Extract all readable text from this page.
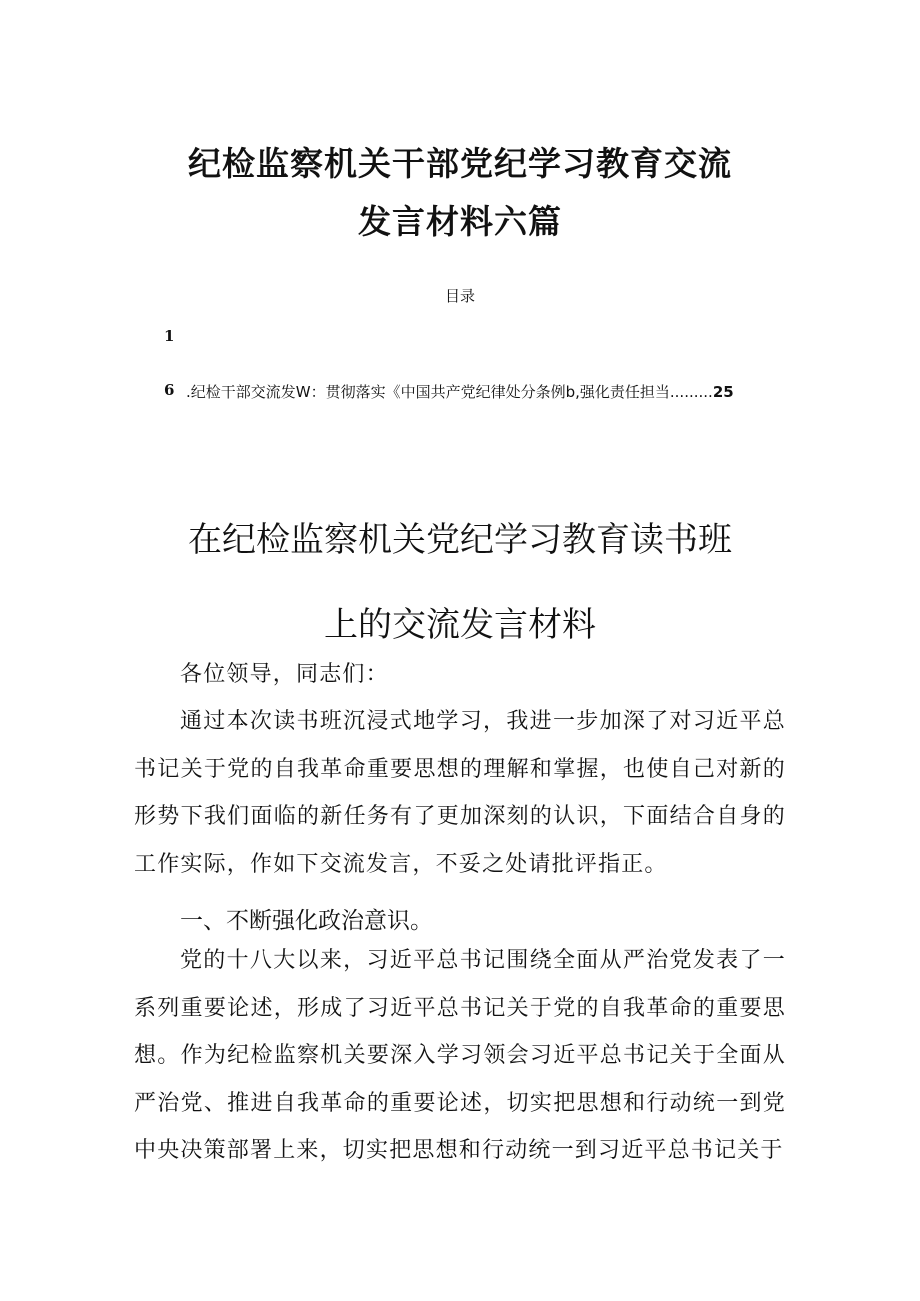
纪检监察机关干部党纪学习教育交流
发言材料六篇
目录
1
6 .纪检干部交流发W：贯彻落实《中国共产党纪律处分条例b,强化责任担当.........25
在纪检监察机关党纪学习教育读书班
上的交流发言材料

各位领导，同志们：

通过本次读书班沉浸式地学习，我进一步加深了对习近平总书记关于党的自我革命重要思想的理解和掌握，也使自己对新的形势下我们面临的新任务有了更加深刻的认识，下面结合自身的工作实际，作如下交流发言，不妥之处请批评指正。

一、不断强化政治意识。

党的十八大以来，习近平总书记围绕全面从严治党发表了一系列重要论述，形成了习近平总书记关于党的自我革命的重要思想。作为纪检监察机关要深入学习领会习近平总书记关于全面从严治党、推进自我革命的重要论述，切实把思想和行动统一到党中央决策部署上来，切实把思想和行动统一到习近平总书记关于
